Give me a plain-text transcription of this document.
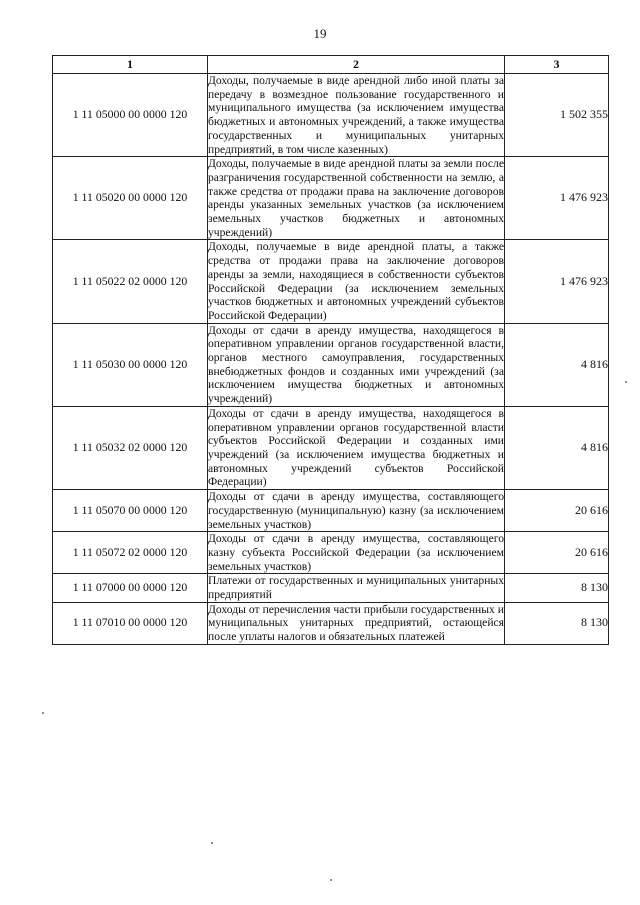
19
1	2	3
1 11 05000 00 0000 120	Доходы, получаемые в виде арендной либо иной платы за передачу в возмездное пользование государственного и муниципального имущества (за исключением имущества бюджетных и автономных учреждений, а также имущества государственных и муниципальных унитарных предприятий, в том числе казенных)	1 502 355
1 11 05020 00 0000 120	Доходы, получаемые в виде арендной платы за земли после разграничения государственной собственности на землю, а также средства от продажи права на заключение договоров аренды указанных земельных участков (за исключением земельных участков бюджетных и автономных учреждений)	1 476 923
1 11 05022 02 0000 120	Доходы, получаемые в виде арендной платы, а также средства от продажи права на заключение договоров аренды за земли, находящиеся в собственности субъектов Российской Федерации (за исключением земельных участков бюджетных и автономных учреждений субъектов Российской Федерации)	1 476 923
1 11 05030 00 0000 120	Доходы от сдачи в аренду имущества, находящегося в оперативном управлении органов государственной власти, органов местного самоуправления, государственных внебюджетных фондов и созданных ими учреждений (за исключением имущества бюджетных и автономных учреждений)	4 816
1 11 05032 02 0000 120	Доходы от сдачи в аренду имущества, находящегося в оперативном управлении органов государственной власти субъектов Российской Федерации и созданных ими учреждений (за исключением имущества бюджетных и автономных учреждений субъектов Российской Федерации)	4 816
1 11 05070 00 0000 120	Доходы от сдачи в аренду имущества, составляющего государственную (муниципальную) казну (за исключением земельных участков)	20 616
1 11 05072 02 0000 120	Доходы от сдачи в аренду имущества, составляющего казну субъекта Российской Федерации (за исключением земельных участков)	20 616
1 11 07000 00 0000 120	Платежи от государственных и муниципальных унитарных предприятий	8 130
1 11 07010 00 0000 120	Доходы от перечисления части прибыли государственных и муниципальных унитарных предприятий, остающейся после уплаты налогов и обязательных платежей	8 130
